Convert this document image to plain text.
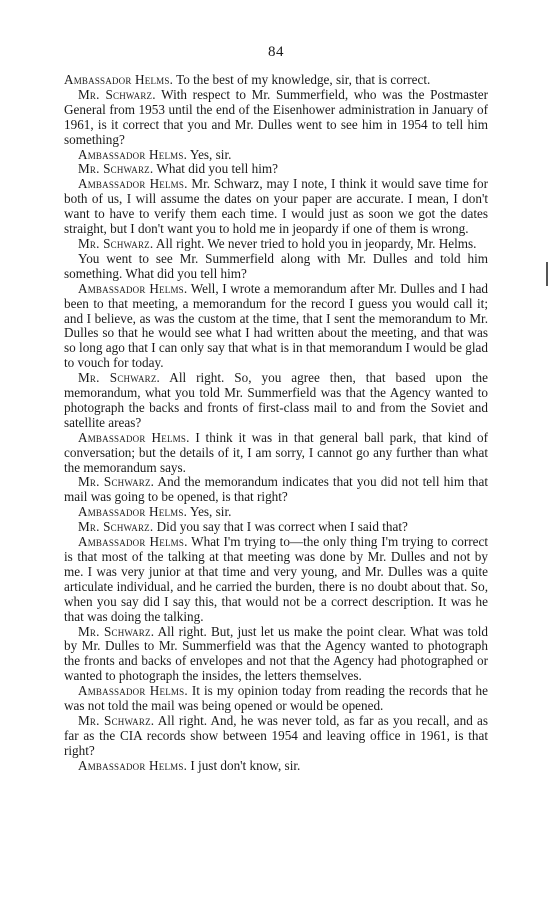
84

Ambassador Helms. To the best of my knowledge, sir, that is correct.

Mr. Schwarz. With respect to Mr. Summerfield, who was the Postmaster General from 1953 until the end of the Eisenhower administration in January of 1961, is it correct that you and Mr. Dulles went to see him in 1954 to tell him something?

Ambassador Helms. Yes, sir.

Mr. Schwarz. What did you tell him?

Ambassador Helms. Mr. Schwarz, may I note, I think it would save time for both of us, I will assume the dates on your paper are accurate. I mean, I don't want to have to verify them each time. I would just as soon we got the dates straight, but I don't want you to hold me in jeopardy if one of them is wrong.

Mr. Schwarz. All right. We never tried to hold you in jeopardy, Mr. Helms.

You went to see Mr. Summerfield along with Mr. Dulles and told him something. What did you tell him?

Ambassador Helms. Well, I wrote a memorandum after Mr. Dulles and I had been to that meeting, a memorandum for the record I guess you would call it; and I believe, as was the custom at the time, that I sent the memorandum to Mr. Dulles so that he would see what I had written about the meeting, and that was so long ago that I can only say that what is in that memorandum I would be glad to vouch for today.

Mr. Schwarz. All right. So, you agree then, that based upon the memorandum, what you told Mr. Summerfield was that the Agency wanted to photograph the backs and fronts of first-class mail to and from the Soviet and satellite areas?

Ambassador Helms. I think it was in that general ball park, that kind of conversation; but the details of it, I am sorry, I cannot go any further than what the memorandum says.

Mr. Schwarz. And the memorandum indicates that you did not tell him that mail was going to be opened, is that right?

Ambassador Helms. Yes, sir.

Mr. Schwarz. Did you say that I was correct when I said that?

Ambassador Helms. What I'm trying to—the only thing I'm trying to correct is that most of the talking at that meeting was done by Mr. Dulles and not by me. I was very junior at that time and very young, and Mr. Dulles was a quite articulate individual, and he carried the burden, there is no doubt about that. So, when you say did I say this, that would not be a correct description. It was he that was doing the talking.

Mr. Schwarz. All right. But, just let us make the point clear. What was told by Mr. Dulles to Mr. Summerfield was that the Agency wanted to photograph the fronts and backs of envelopes and not that the Agency had photographed or wanted to photograph the insides, the letters themselves.

Ambassador Helms. It is my opinion today from reading the records that he was not told the mail was being opened or would be opened.

Mr. Schwarz. All right. And, he was never told, as far as you recall, and as far as the CIA records show between 1954 and leaving office in 1961, is that right?

Ambassador Helms. I just don't know, sir.
